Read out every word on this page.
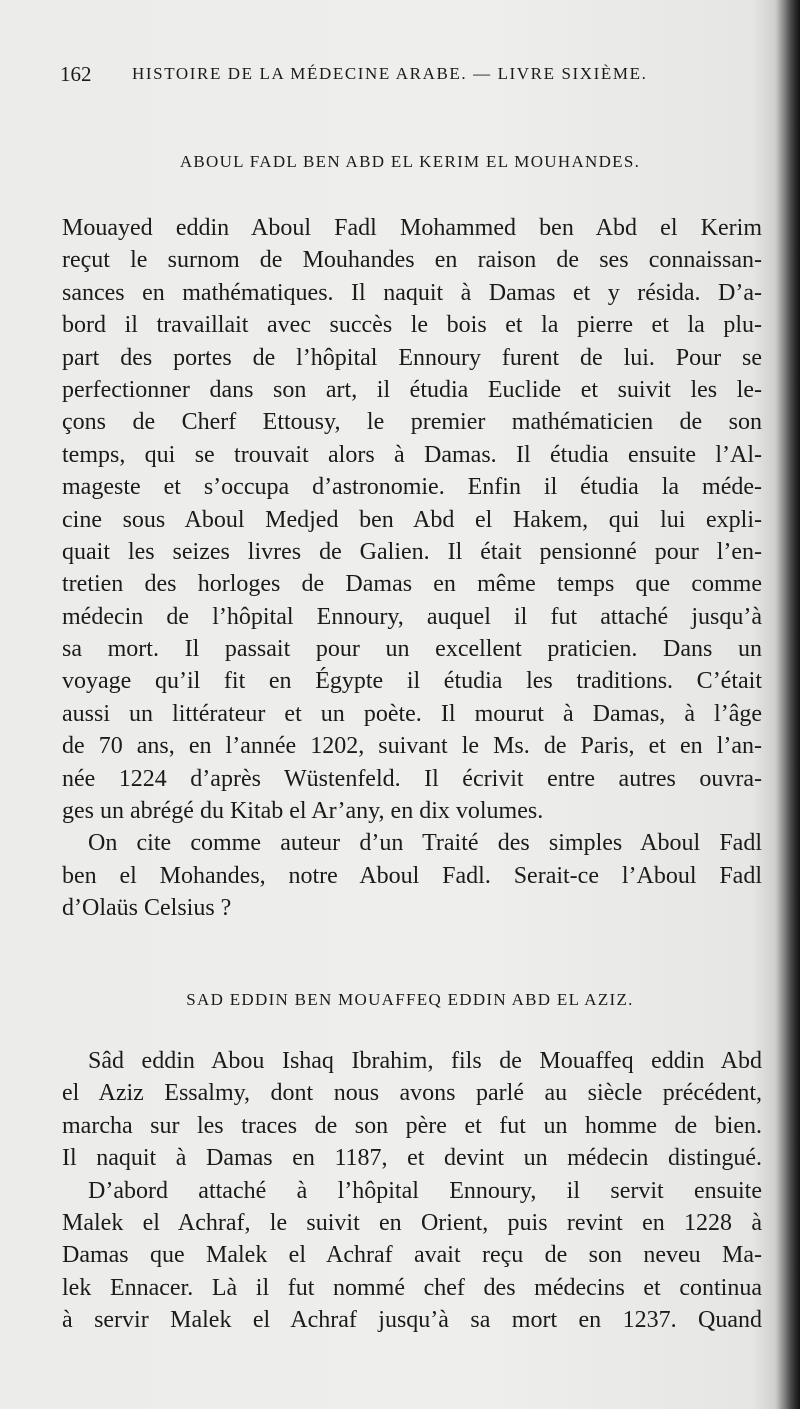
162 HISTOIRE DE LA MÉDECINE ARABE. — LIVRE SIXIÈME.
ABOUL FADL BEN ABD EL KERIM EL MOUHANDES.
Mouayed eddin Aboul Fadl Mohammed ben Abd el Kerim
reçut le surnom de Mouhandes en raison de ses connaissan-
sances en mathématiques. Il naquit à Damas et y résida. D’a-
bord il travaillait avec succès le bois et la pierre et la plu-
part des portes de l’hôpital Ennoury furent de lui. Pour se
perfectionner dans son art, il étudia Euclide et suivit les le-
çons de Cherf Ettousy, le premier mathématicien de son
temps, qui se trouvait alors à Damas. Il étudia ensuite l’Al-
mageste et s’occupa d’astronomie. Enfin il étudia la méde-
cine sous Aboul Medjed ben Abd el Hakem, qui lui expli-
quait les seizes livres de Galien. Il était pensionné pour l’en-
tretien des horloges de Damas en même temps que comme
médecin de l’hôpital Ennoury, auquel il fut attaché jusqu’à
sa mort. Il passait pour un excellent praticien. Dans un
voyage qu’il fit en Égypte il étudia les traditions. C’était
aussi un littérateur et un poète. Il mourut à Damas, à l’âge
de 70 ans, en l’année 1202, suivant le Ms. de Paris, et en l’an-
née 1224 d’après Wüstenfeld. Il écrivit entre autres ouvra-
ges un abrégé du Kitab el Ar’any, en dix volumes.
On cite comme auteur d’un Traité des simples Aboul Fadl
ben el Mohandes, notre Aboul Fadl. Serait-ce l’Aboul Fadl
d’Olaüs Celsius ?
SAD EDDIN BEN MOUAFFEQ EDDIN ABD EL AZIZ.
Sâd eddin Abou Ishaq Ibrahim, fils de Mouaffeq eddin Abd
el Aziz Essalmy, dont nous avons parlé au siècle précédent,
marcha sur les traces de son père et fut un homme de bien.
Il naquit à Damas en 1187, et devint un médecin distingué.
D’abord attaché à l’hôpital Ennoury, il servit ensuite
Malek el Achraf, le suivit en Orient, puis revint en 1228 à
Damas que Malek el Achraf avait reçu de son neveu Ma-
lek Ennacer. Là il fut nommé chef des médecins et continua
à servir Malek el Achraf jusqu’à sa mort en 1237. Quand
